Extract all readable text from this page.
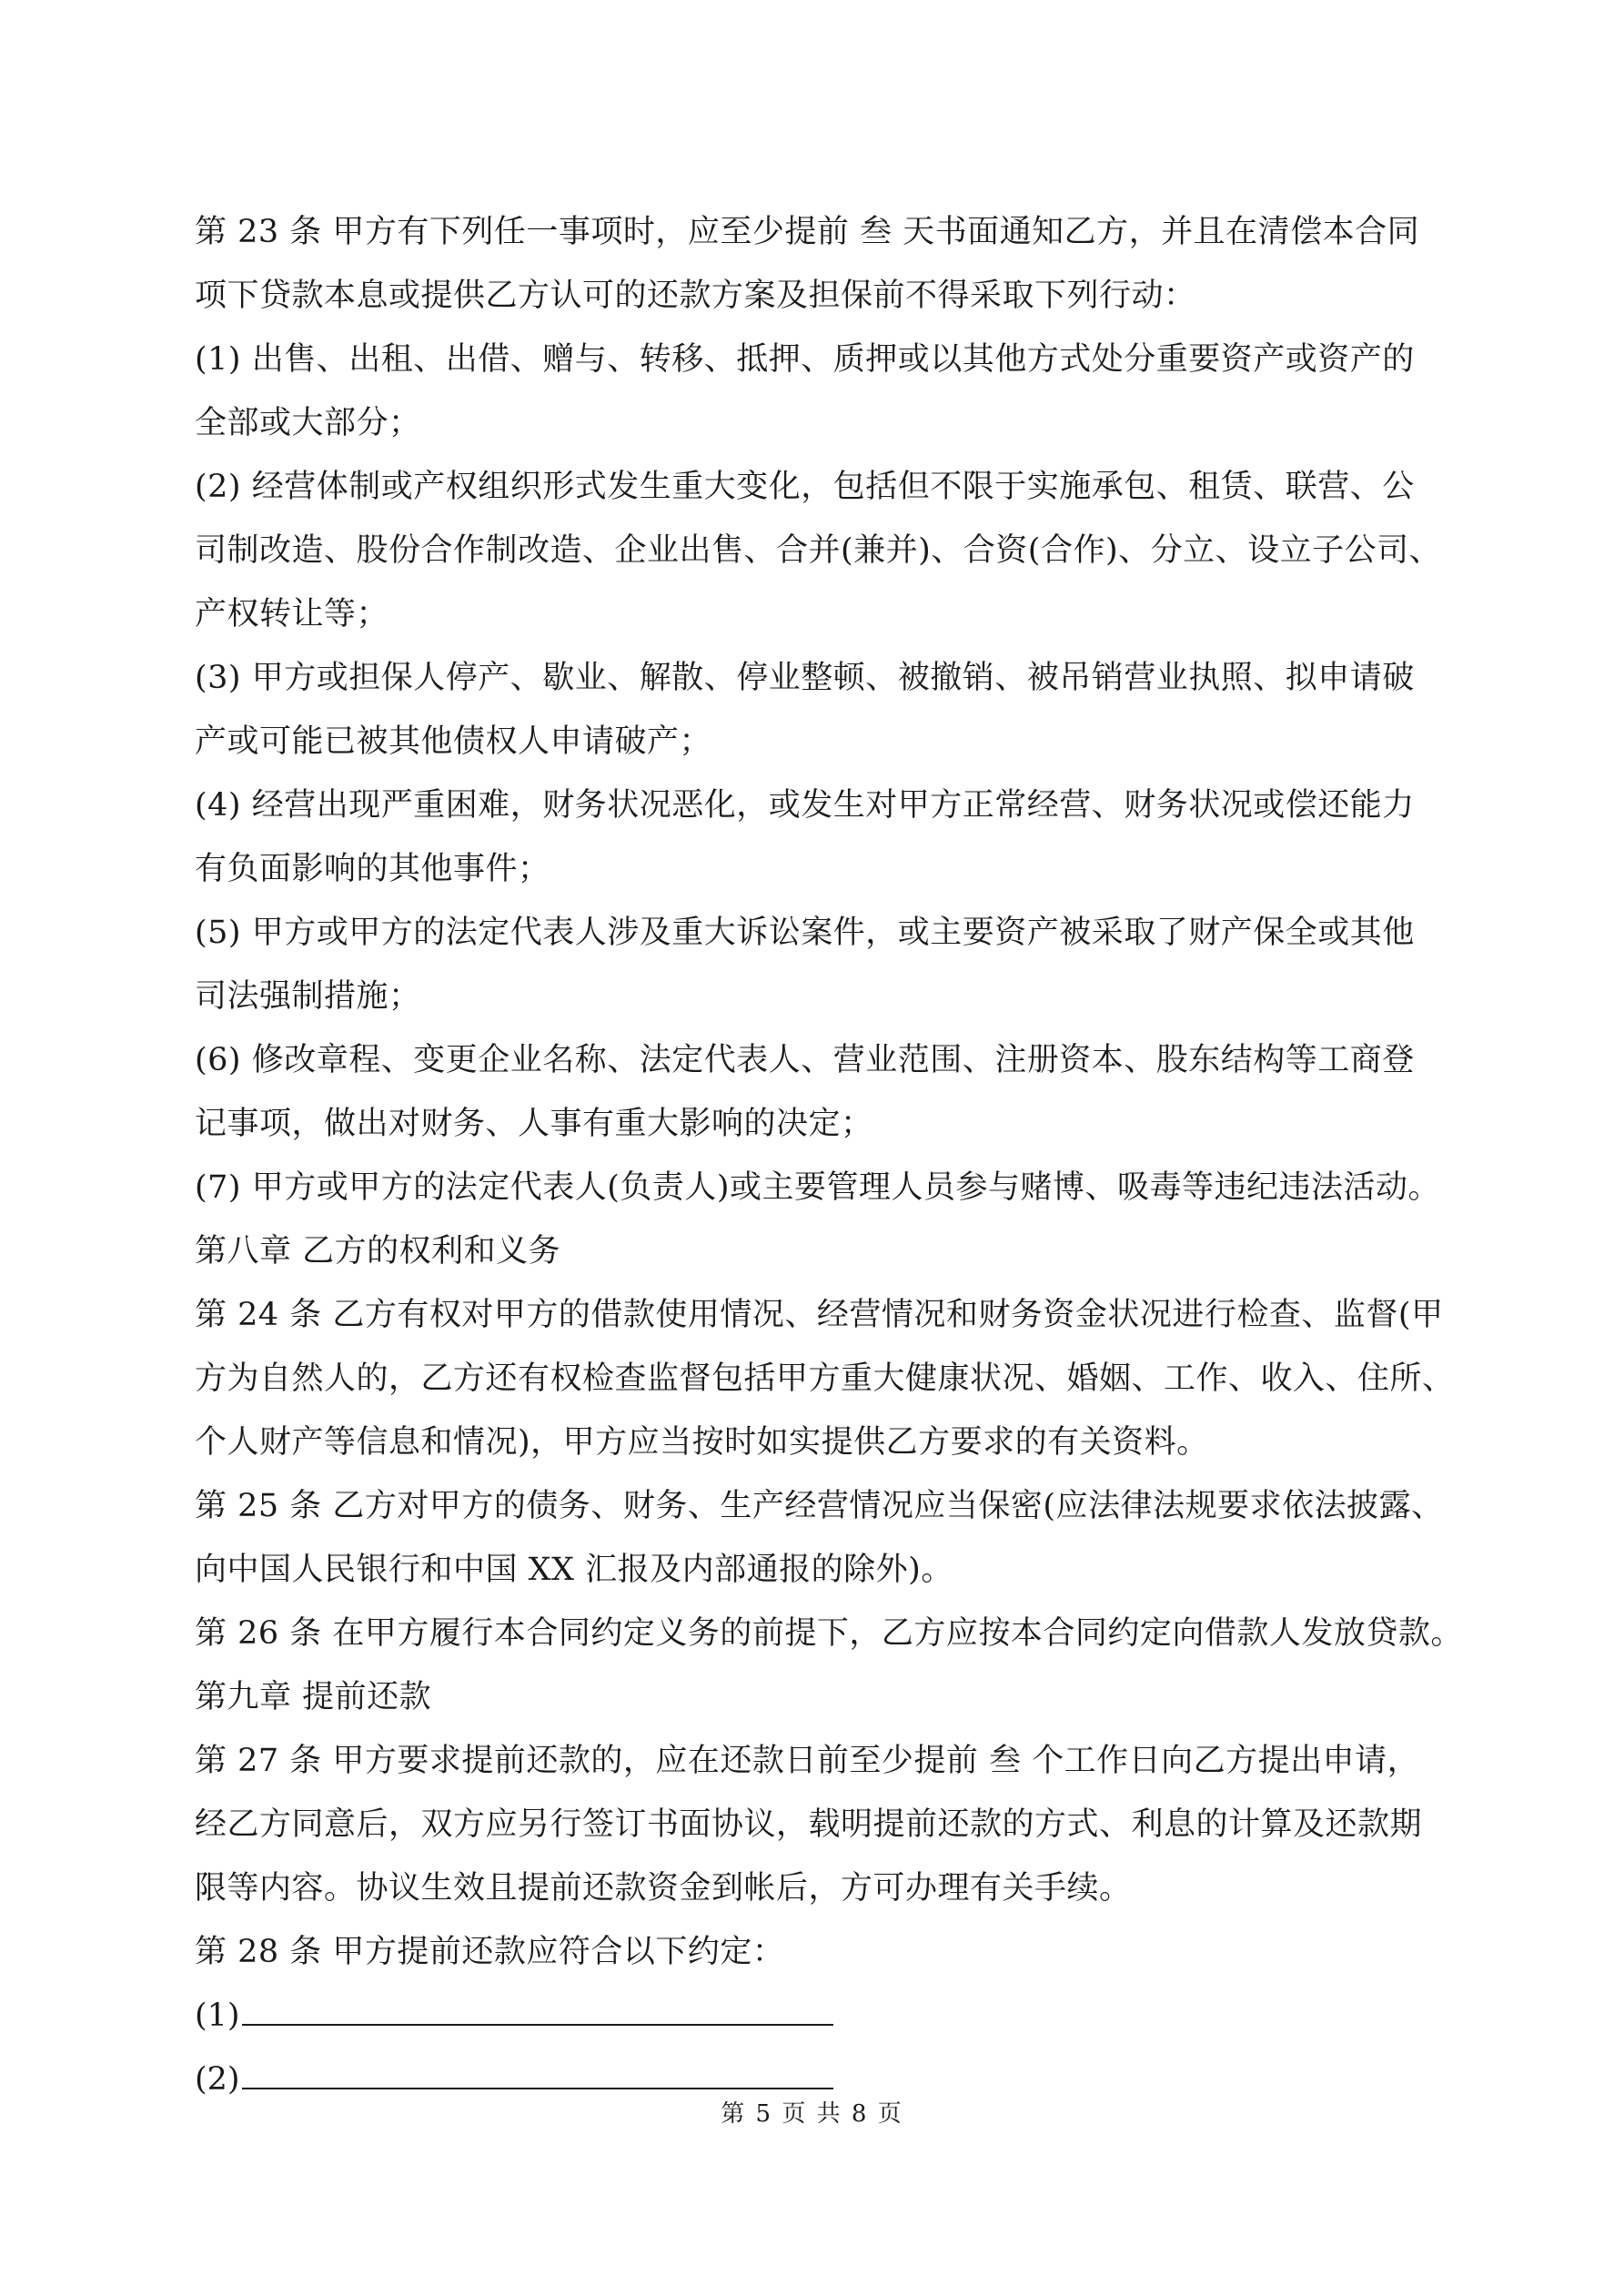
第 23 条 甲方有下列任一事项时，应至少提前 叁 天书面通知乙方，并且在清偿本合同
项下贷款本息或提供乙方认可的还款方案及担保前不得采取下列行动：
(1) 出售、出租、出借、赠与、转移、抵押、质押或以其他方式处分重要资产或资产的
全部或大部分；
(2) 经营体制或产权组织形式发生重大变化，包括但不限于实施承包、租赁、联营、公
司制改造、股份合作制改造、企业出售、合并(兼并)、合资(合作)、分立、设立子公司、
产权转让等；
(3) 甲方或担保人停产、歇业、解散、停业整顿、被撤销、被吊销营业执照、拟申请破
产或可能已被其他债权人申请破产；
(4) 经营出现严重困难，财务状况恶化，或发生对甲方正常经营、财务状况或偿还能力
有负面影响的其他事件；
(5) 甲方或甲方的法定代表人涉及重大诉讼案件，或主要资产被采取了财产保全或其他
司法强制措施；
(6) 修改章程、变更企业名称、法定代表人、营业范围、注册资本、股东结构等工商登
记事项，做出对财务、人事有重大影响的决定；
(7) 甲方或甲方的法定代表人(负责人)或主要管理人员参与赌博、吸毒等违纪违法活动。
第八章 乙方的权利和义务
第 24 条 乙方有权对甲方的借款使用情况、经营情况和财务资金状况进行检查、监督(甲
方为自然人的，乙方还有权检查监督包括甲方重大健康状况、婚姻、工作、收入、住所、
个人财产等信息和情况)，甲方应当按时如实提供乙方要求的有关资料。
第 25 条 乙方对甲方的债务、财务、生产经营情况应当保密(应法律法规要求依法披露、
向中国人民银行和中国 XX 汇报及内部通报的除外)。
第 26 条 在甲方履行本合同约定义务的前提下，乙方应按本合同约定向借款人发放贷款。
第九章 提前还款
第 27 条 甲方要求提前还款的，应在还款日前至少提前 叁 个工作日向乙方提出申请，
经乙方同意后，双方应另行签订书面协议，载明提前还款的方式、利息的计算及还款期
限等内容。协议生效且提前还款资金到帐后，方可办理有关手续。
第 28 条 甲方提前还款应符合以下约定：
(1)
(2)
第 5 页 共 8 页
